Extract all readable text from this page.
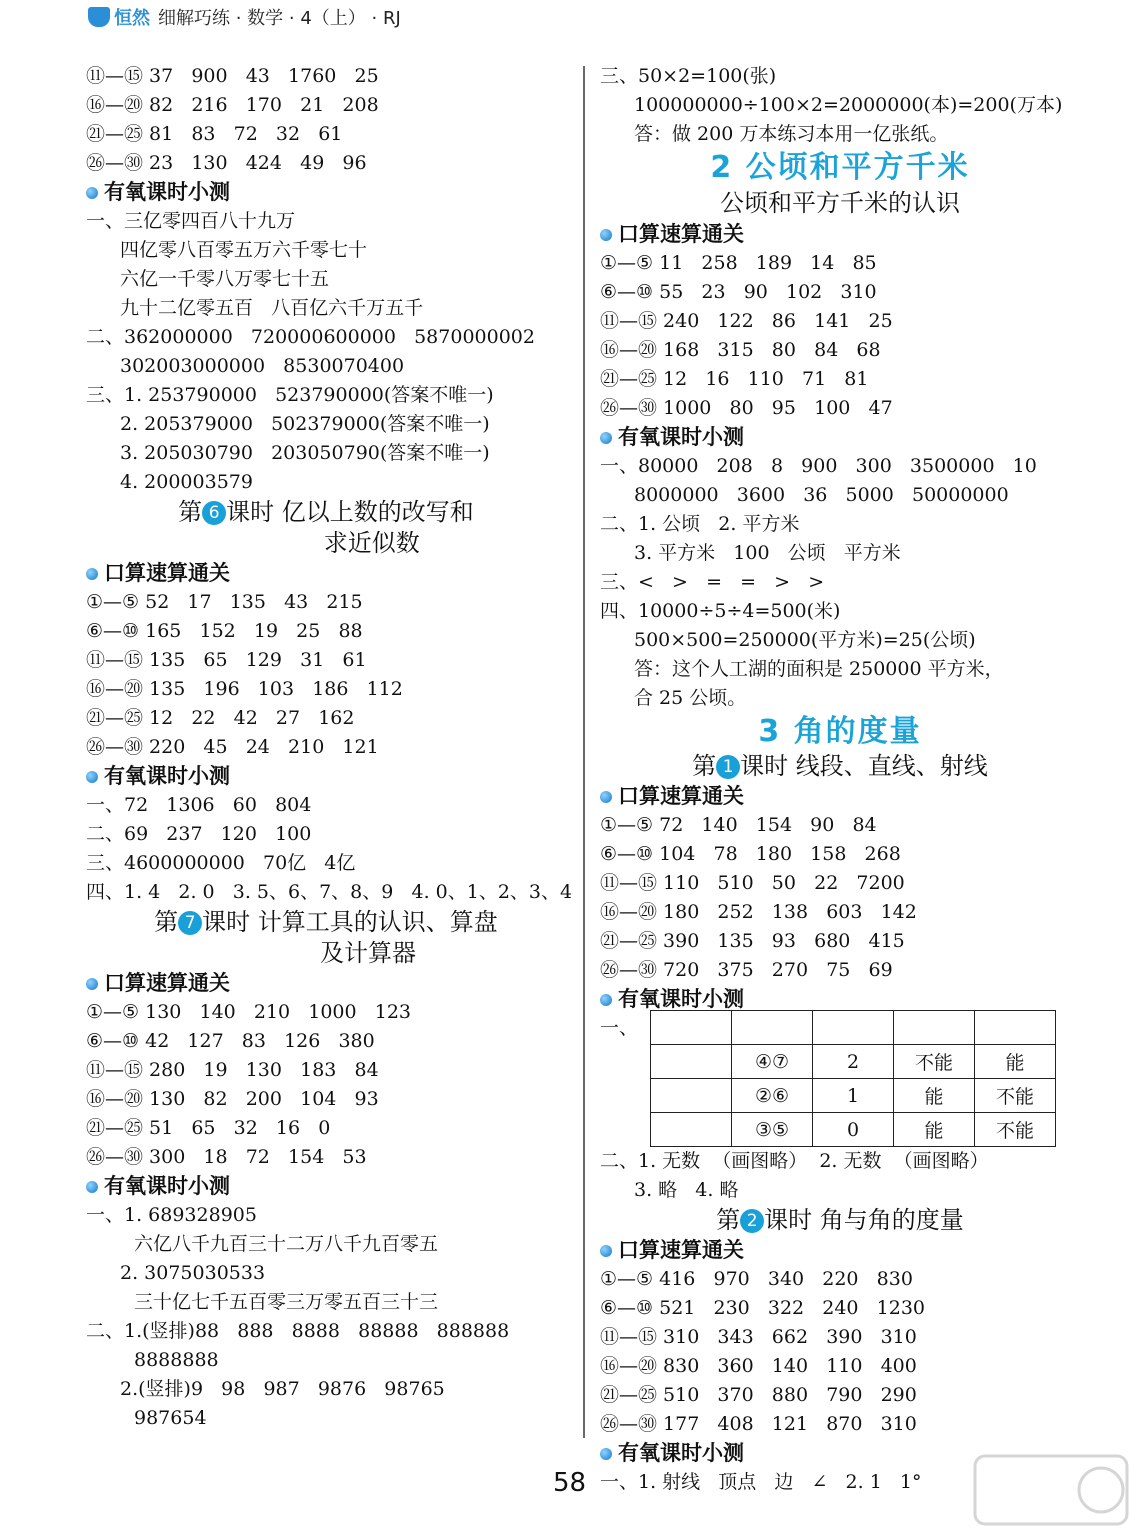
恒然 细解巧练 · 数学 · 4（上） · RJ
⑪—⑮ 37   900   43   1760   25
⑯—⑳ 82   216   170   21   208
㉑—㉕ 81   83   72   32   61
㉖—㉚ 23   130   424   49   96
有氧课时小测
一、三亿零四百八十九万
四亿零八百零五万六千零七十
六亿一千零八万零七十五
九十二亿零五百   八百亿六千万五千
二、362000000   720000600000   5870000002
302003000000   8530070400
三、1. 253790000   523790000(答案不唯一)
2. 205379000   502379000(答案不唯一)
3. 205030790   203050790(答案不唯一)
4. 200003579
第 6 课时 亿以上数的改写和
求近似数
口算速算通关
①—⑤ 52   17   135   43   215
⑥—⑩ 165   152   19   25   88
⑪—⑮ 135   65   129   31   61
⑯—⑳ 135   196   103   186   112
㉑—㉕ 12   22   42   27   162
㉖—㉚ 220   45   24   210   121
有氧课时小测
一、72   1306   60   804
二、69   237   120   100
三、4600000000   70亿   4亿
四、1. 4   2. 0   3. 5、6、7、8、9   4. 0、1、2、3、4
第 7 课时 计算工具的认识、算盘
及计算器
口算速算通关
①—⑤ 130   140   210   1000   123
⑥—⑩ 42   127   83   126   380
⑪—⑮ 280   19   130   183   84
⑯—⑳ 130   82   200   104   93
㉑—㉕ 51   65   32   16   0
㉖—㉚ 300   18   72   154   53
有氧课时小测
一、1. 689328905
六亿八千九百三十二万八千九百零五
2. 3075030533
三十亿七千五百零三万零五百三十三
二、1.(竖排)88   888   8888   88888   888888
8888888
2.(竖排)9   98   987   9876   98765
987654
三、50×2=100(张)
100000000÷100×2=2000000(本)=200(万本)
答：做 200 万本练习本用一亿张纸。
2 公顷和平方千米
公顷和平方千米的认识
口算速算通关
①—⑤ 11   258   189   14   85
⑥—⑩ 55   23   90   102   310
⑪—⑮ 240   122   86   141   25
⑯—⑳ 168   315   80   84   68
㉑—㉕ 12   16   110   71   81
㉖—㉚ 1000   80   95   100   47
有氧课时小测
一、80000   208   8   900   300   3500000   10
8000000   3600   36   5000   50000000
二、1. 公顷   2. 平方米
3. 平方米   100   公顷   平方米
三、<   >   =   =   >   >
四、10000÷5÷4=500(米)
500×500=250000(平方米)=25(公顷)
答：这个人工湖的面积是 250000 平方米，
合 25 公顷。
3 角的度量
第 1 课时 线段、直线、射线
口算速算通关
①—⑤ 72   140   154   90   84
⑥—⑩ 104   78   180   158   268
⑪—⑮ 110   510   50   22   7200
⑯—⑳ 180   252   138   603   142
㉑—㉕ 390   135   93   680   415
㉖—㉚ 720   375   270   75   69
有氧课时小测
一、

	④⑦	2	不能	能
	②⑥	1	能	不能
	③⑤	0	能	不能
二、1. 无数  （画图略）  2. 无数  （画图略）
3. 略   4. 略
第 2 课时 角与角的度量
口算速算通关
①—⑤ 416   970   340   220   830
⑥—⑩ 521   230   322   240   1230
⑪—⑮ 310   343   662   390   310
⑯—⑳ 830   360   140   110   400
㉑—㉕ 510   370   880   790   290
㉖—㉚ 177   408   121   870   310
有氧课时小测
一、1. 射线   顶点   边   ∠   2. 1   1°
58
